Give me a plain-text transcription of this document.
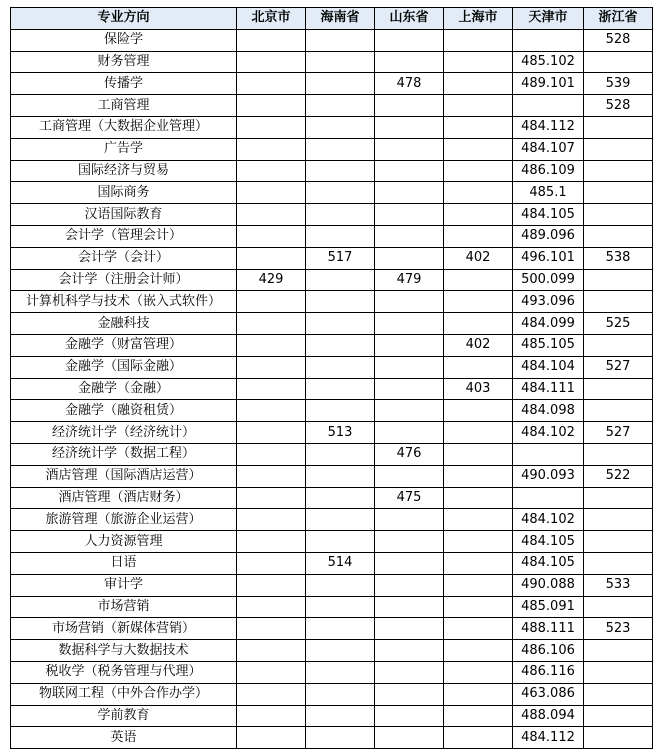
专业方向	北京市	海南省	山东省	上海市	天津市	浙江省
保险学						528
财务管理					485.102	
传播学			478		489.101	539
工商管理						528
工商管理（大数据企业管理）					484.112	
广告学					484.107	
国际经济与贸易					486.109	
国际商务					485.1	
汉语国际教育					484.105	
会计学（管理会计）					489.096	
会计学（会计）		517		402	496.101	538
会计学（注册会计师）	429		479		500.099	
计算机科学与技术（嵌入式软件）					493.096	
金融科技					484.099	525
金融学（财富管理）				402	485.105	
金融学（国际金融）					484.104	527
金融学（金融）				403	484.111	
金融学（融资租赁）					484.098	
经济统计学（经济统计）		513			484.102	527
经济统计学（数据工程）			476			
酒店管理（国际酒店运营）					490.093	522
酒店管理（酒店财务）			475			
旅游管理（旅游企业运营）					484.102	
人力资源管理					484.105	
日语		514			484.105	
审计学					490.088	533
市场营销					485.091	
市场营销（新媒体营销）					488.111	523
数据科学与大数据技术					486.106	
税收学（税务管理与代理）					486.116	
物联网工程（中外合作办学）					463.086	
学前教育					488.094	
英语					484.112	
